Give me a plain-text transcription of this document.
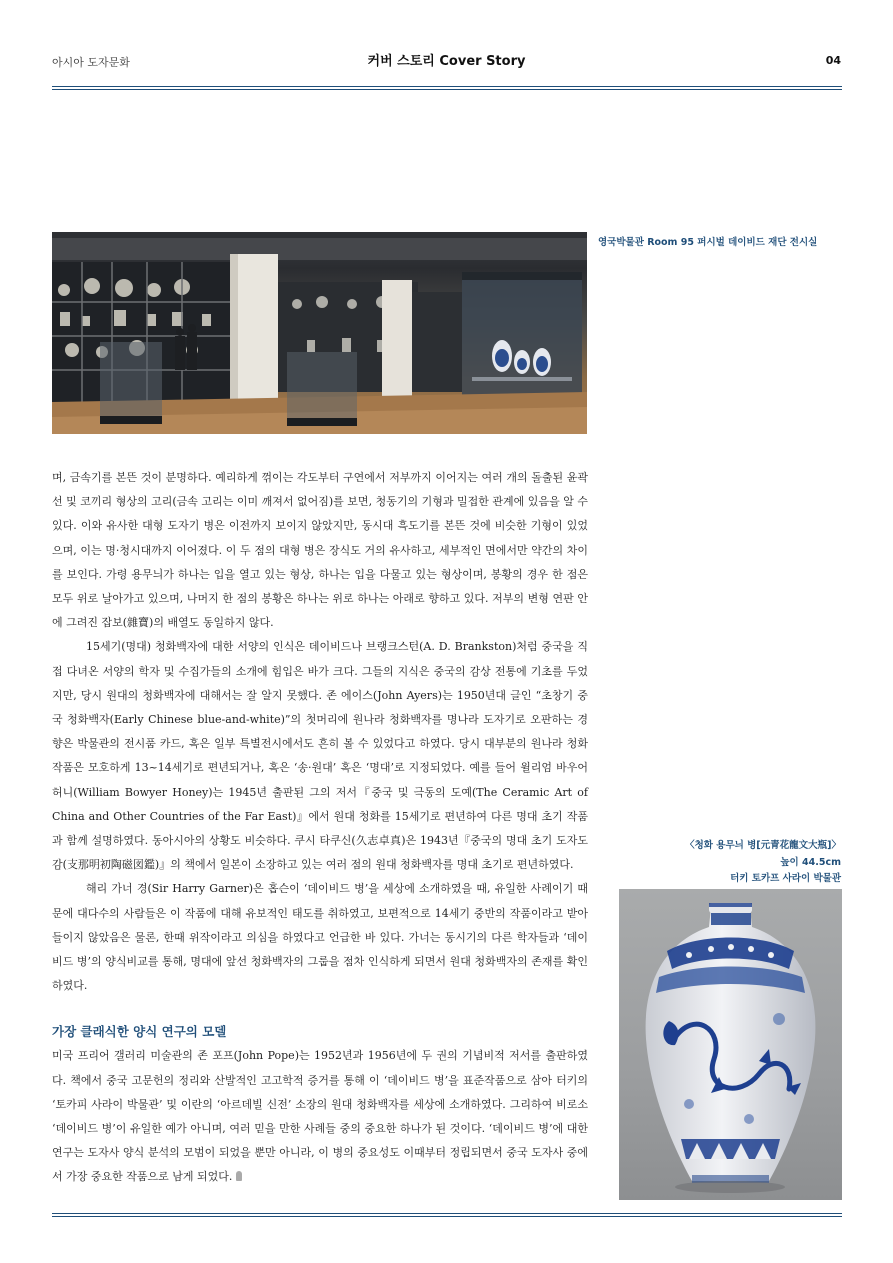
아시아 도자문화	커버 스토리 Cover Story	04
영국박물관 Room 95 퍼시벌 데이비드 재단 전시실

며, 금속기를 본뜬 것이 분명하다. 예리하게 꺾이는 각도부터 구연에서 저부까지 이어지는 여러 개의 돌출된 윤곽선 및 코끼리 형상의 고리(금속 고리는 이미 깨져서 없어짐)를 보면, 청동기의 기형과 밀접한 관계에 있음을 알 수 있다. 이와 유사한 대형 도자기 병은 이전까지 보이지 않았지만, 동시대 흑도기를 본뜬 것에 비슷한 기형이 있었으며, 이는 명·청시대까지 이어졌다. 이 두 점의 대형 병은 장식도 거의 유사하고, 세부적인 면에서만 약간의 차이를 보인다. 가령 용무늬가 하나는 입을 열고 있는 형상, 하나는 입을 다물고 있는 형상이며, 봉황의 경우 한 점은 모두 위로 날아가고 있으며, 나머지 한 점의 봉황은 하나는 위로 하나는 아래로 향하고 있다. 저부의 변형 연판 안에 그려진 잡보(雜寶)의 배열도 동일하지 않다.

15세기(명대) 청화백자에 대한 서양의 인식은 데이비드나 브랭크스턴(A. D. Brankston)처럼 중국을 직접 다녀온 서양의 학자 및 수집가들의 소개에 힘입은 바가 크다. 그들의 지식은 중국의 감상 전통에 기초를 두었지만, 당시 원대의 청화백자에 대해서는 잘 알지 못했다. 존 에이스(John Ayers)는 1950년대 글인 “초창기 중국 청화백자(Early Chinese blue-and-white)”의 첫머리에 원나라 청화백자를 명나라 도자기로 오판하는 경향은 박물관의 전시품 카드, 혹은 일부 특별전시에서도 흔히 볼 수 있었다고 하였다. 당시 대부분의 원나라 청화 작품은 모호하게 13~14세기로 편년되거나, 혹은 ‘송·원대’ 혹은 ‘명대’로 지정되었다. 예를 들어 윌리엄 바우어 허니(William Bowyer Honey)는 1945년 출판된 그의 저서『중국 및 극동의 도예(The Ceramic Art of China and Other Countries of the Far East)』에서 원대 청화를 15세기로 편년하여 다른 명대 초기 작품과 함께 설명하였다. 동아시아의 상황도 비슷하다. 쿠시 타쿠신(久志卓真)은 1943년『중국의 명대 초기 도자도감(支那明初陶磁図鑑)』의 책에서 일본이 소장하고 있는 여러 점의 원대 청화백자를 명대 초기로 편년하였다.

해리 가너 경(Sir Harry Garner)은 홉슨이 ‘데이비드 병’을 세상에 소개하였을 때, 유일한 사례이기 때문에 대다수의 사람들은 이 작품에 대해 유보적인 태도를 취하였고, 보편적으로 14세기 중반의 작품이라고 받아들이지 않았음은 물론, 한때 위작이라고 의심을 하였다고 언급한 바 있다. 가너는 동시기의 다른 학자들과 ‘데이비드 병’의 양식비교를 통해, 명대에 앞선 청화백자의 그룹을 점차 인식하게 되면서 원대 청화백자의 존재를 확인하였다.

가장 클래식한 양식 연구의 모델

미국 프리어 갤러리 미술관의 존 포프(John Pope)는 1952년과 1956년에 두 권의 기념비적 저서를 출판하였다. 책에서 중국 고문헌의 정리와 산발적인 고고학적 증거를 통해 이 ‘데이비드 병’을 표준작품으로 삼아 터키의 ‘토카피 사라이 박물관’ 및 이란의 ‘아르데빌 신전’ 소장의 원대 청화백자를 세상에 소개하였다. 그리하여 비로소 ‘데이비드 병’이 유일한 예가 아니며, 여러 믿을 만한 사례들 중의 중요한 하나가 된 것이다. ‘데이비드 병’에 대한 연구는 도자사 양식 분석의 모범이 되었을 뿐만 아니라, 이 병의 중요성도 이때부터 정립되면서 중국 도자사 중에서 가장 중요한 작품으로 남게 되었다.

〈청화 용무늬 병[元青花龍文大瓶]〉
높이 44.5cm
터키 토카프 사라이 박물관
